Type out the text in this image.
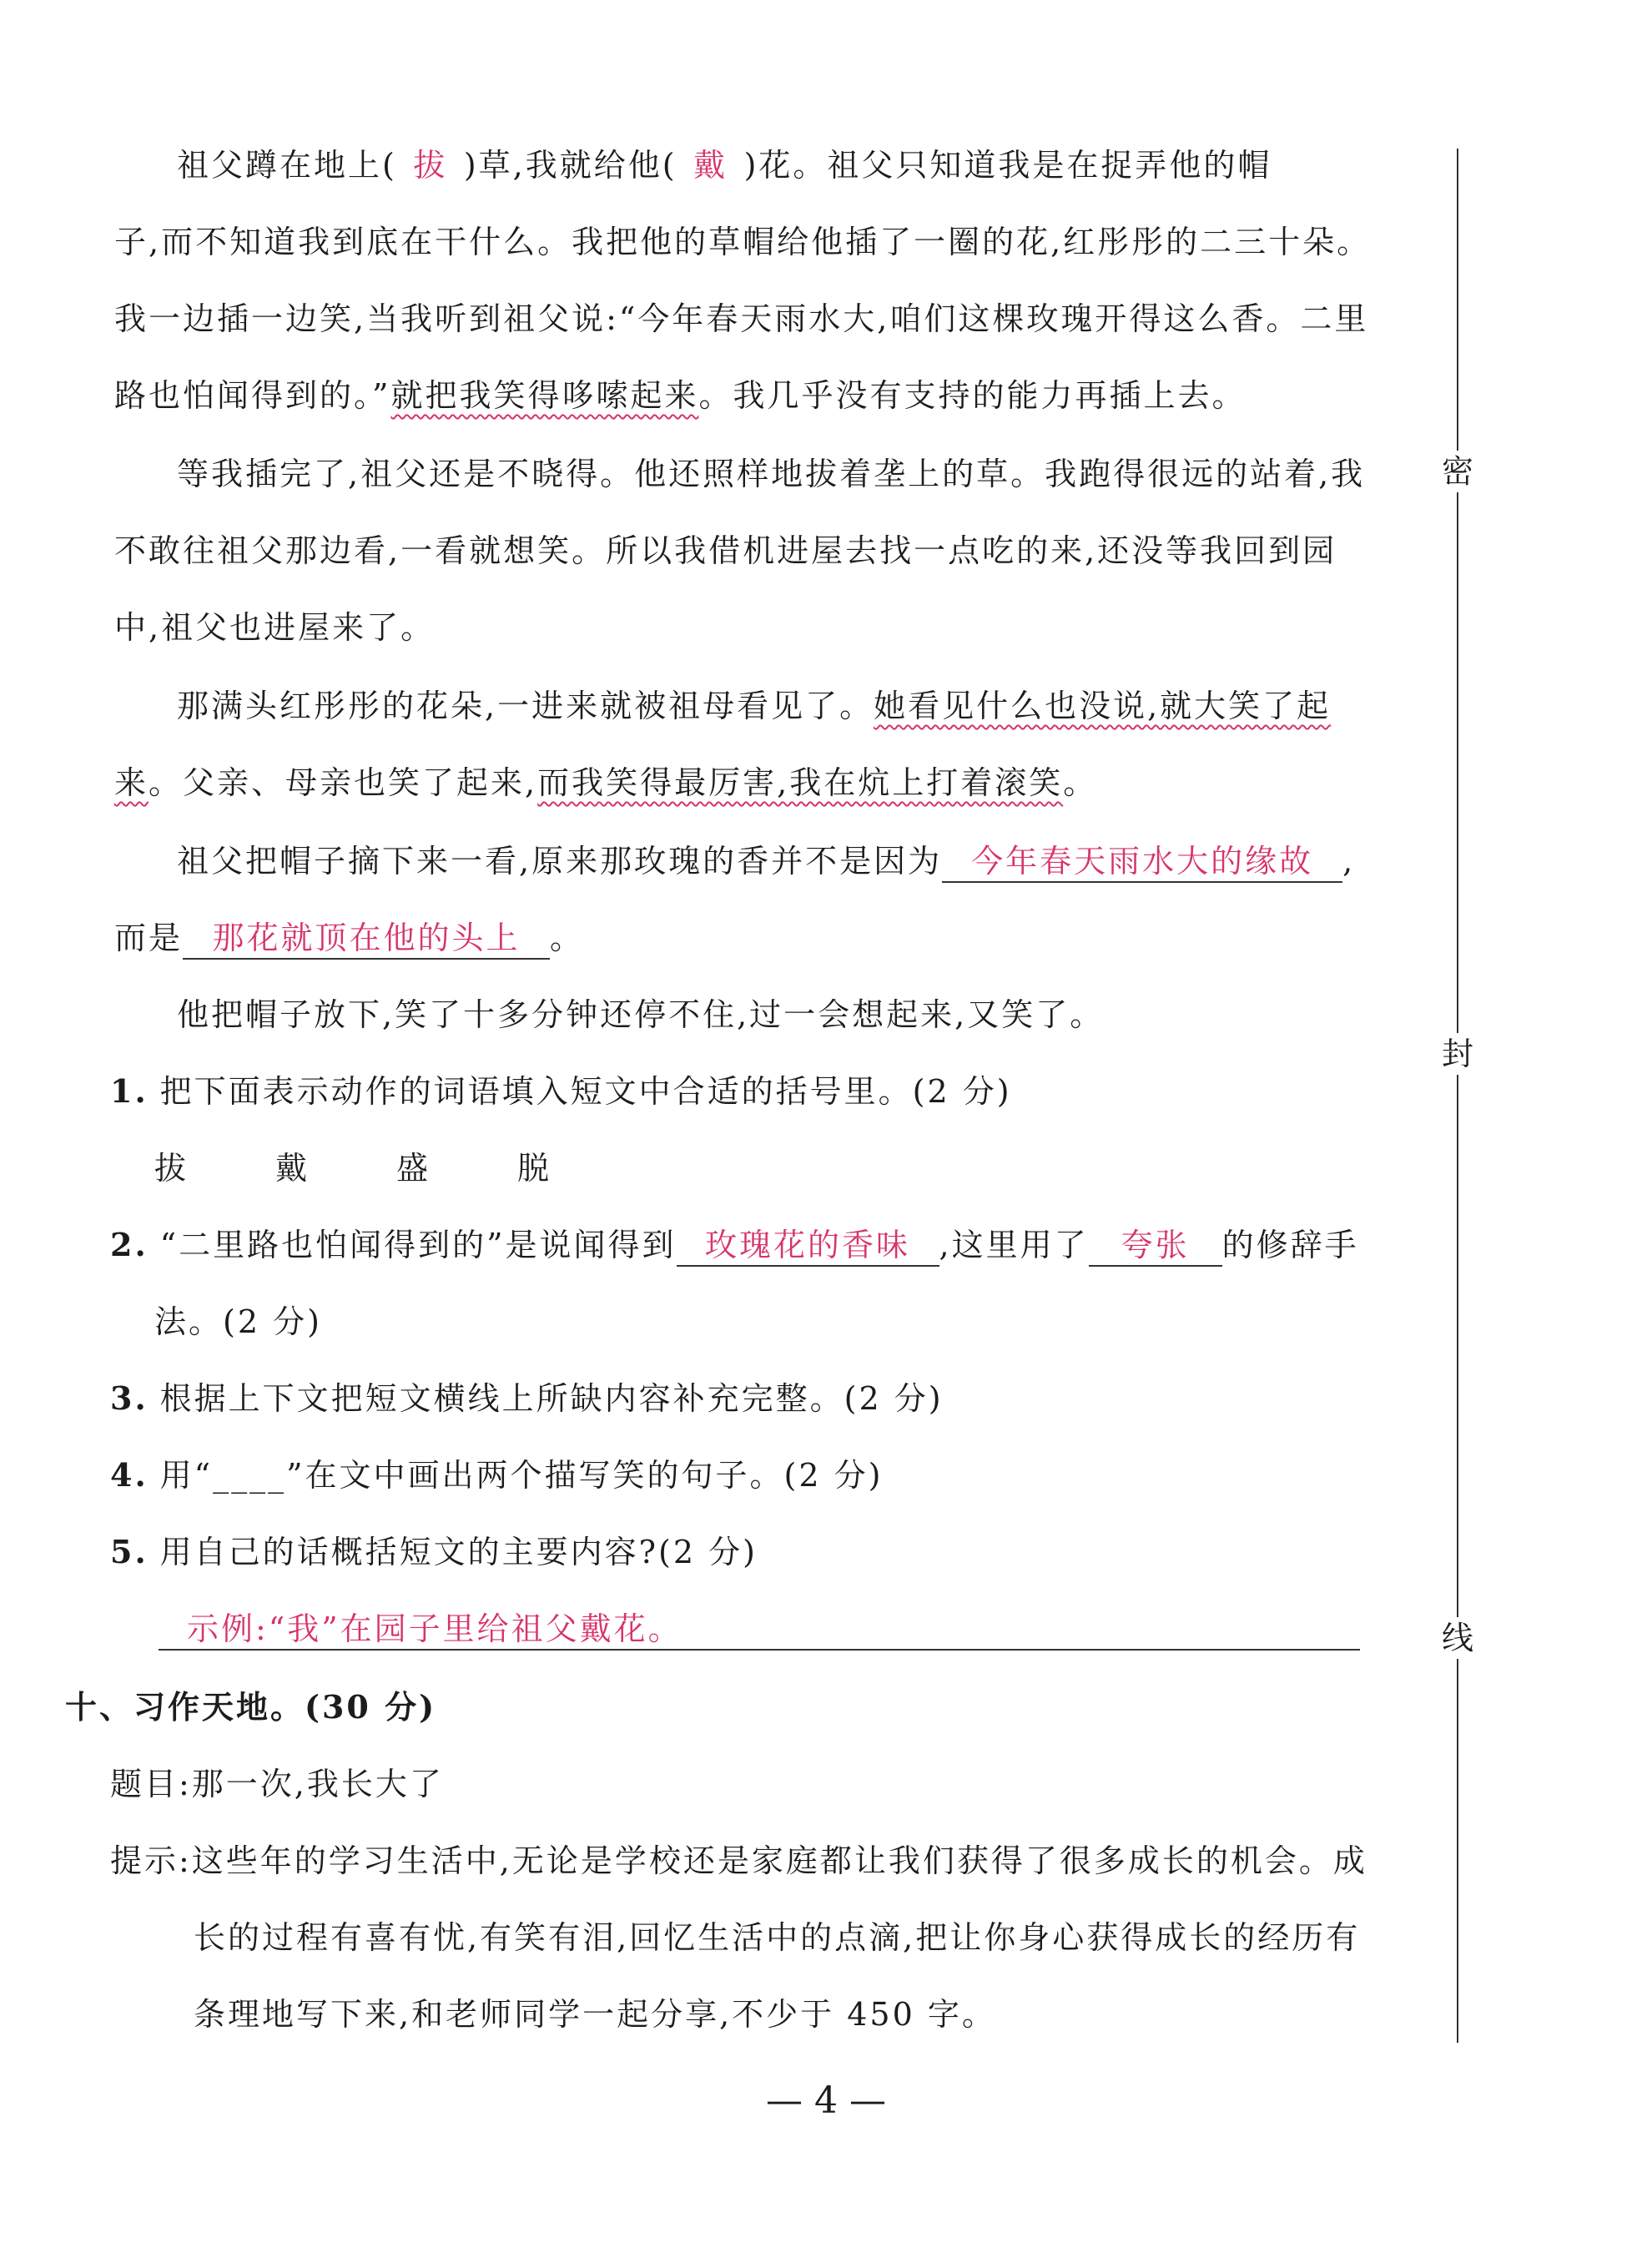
祖父蹲在地上( 拔 )草,我就给他( 戴 )花。祖父只知道我是在捉弄他的帽
子,而不知道我到底在干什么。我把他的草帽给他插了一圈的花,红彤彤的二三十朵。
我一边插一边笑,当我听到祖父说:“今年春天雨水大,咱们这棵玫瑰开得这么香。二里
路也怕闻得到的。”就把我笑得哆嗦起来。我几乎没有支持的能力再插上去。
等我插完了,祖父还是不晓得。他还照样地拔着垄上的草。我跑得很远的站着,我
不敢往祖父那边看,一看就想笑。所以我借机进屋去找一点吃的来,还没等我回到园
中,祖父也进屋来了。
那满头红彤彤的花朵,一进来就被祖母看见了。她看见什么也没说,就大笑了起
来。父亲、母亲也笑了起来,而我笑得最厉害,我在炕上打着滚笑。
祖父把帽子摘下来一看,原来那玫瑰的香并不是因为 今年春天雨水大的缘故 ,
而是 那花就顶在他的头上 。
他把帽子放下,笑了十多分钟还停不住,过一会想起来,又笑了。
1. 把下面表示动作的词语填入短文中合适的括号里。(2 分)
拔	戴	盛	脱
2. “二里路也怕闻得到的”是说闻得到 玫瑰花的香味 ,这里用了 夸张 的修辞手
法。(2 分)
3. 根据上下文把短文横线上所缺内容补充完整。(2 分)
4. 用“____”在文中画出两个描写笑的句子。(2 分)
5. 用自己的话概括短文的主要内容?(2 分)
示例:“我”在园子里给祖父戴花。
十、习作天地。(30 分)
题目:那一次,我长大了
提示:这些年的学习生活中,无论是学校还是家庭都让我们获得了很多成长的机会。成
长的过程有喜有忧,有笑有泪,回忆生活中的点滴,把让你身心获得成长的经历有
条理地写下来,和老师同学一起分享,不少于 450 字。
密
封
线
— 4 —
